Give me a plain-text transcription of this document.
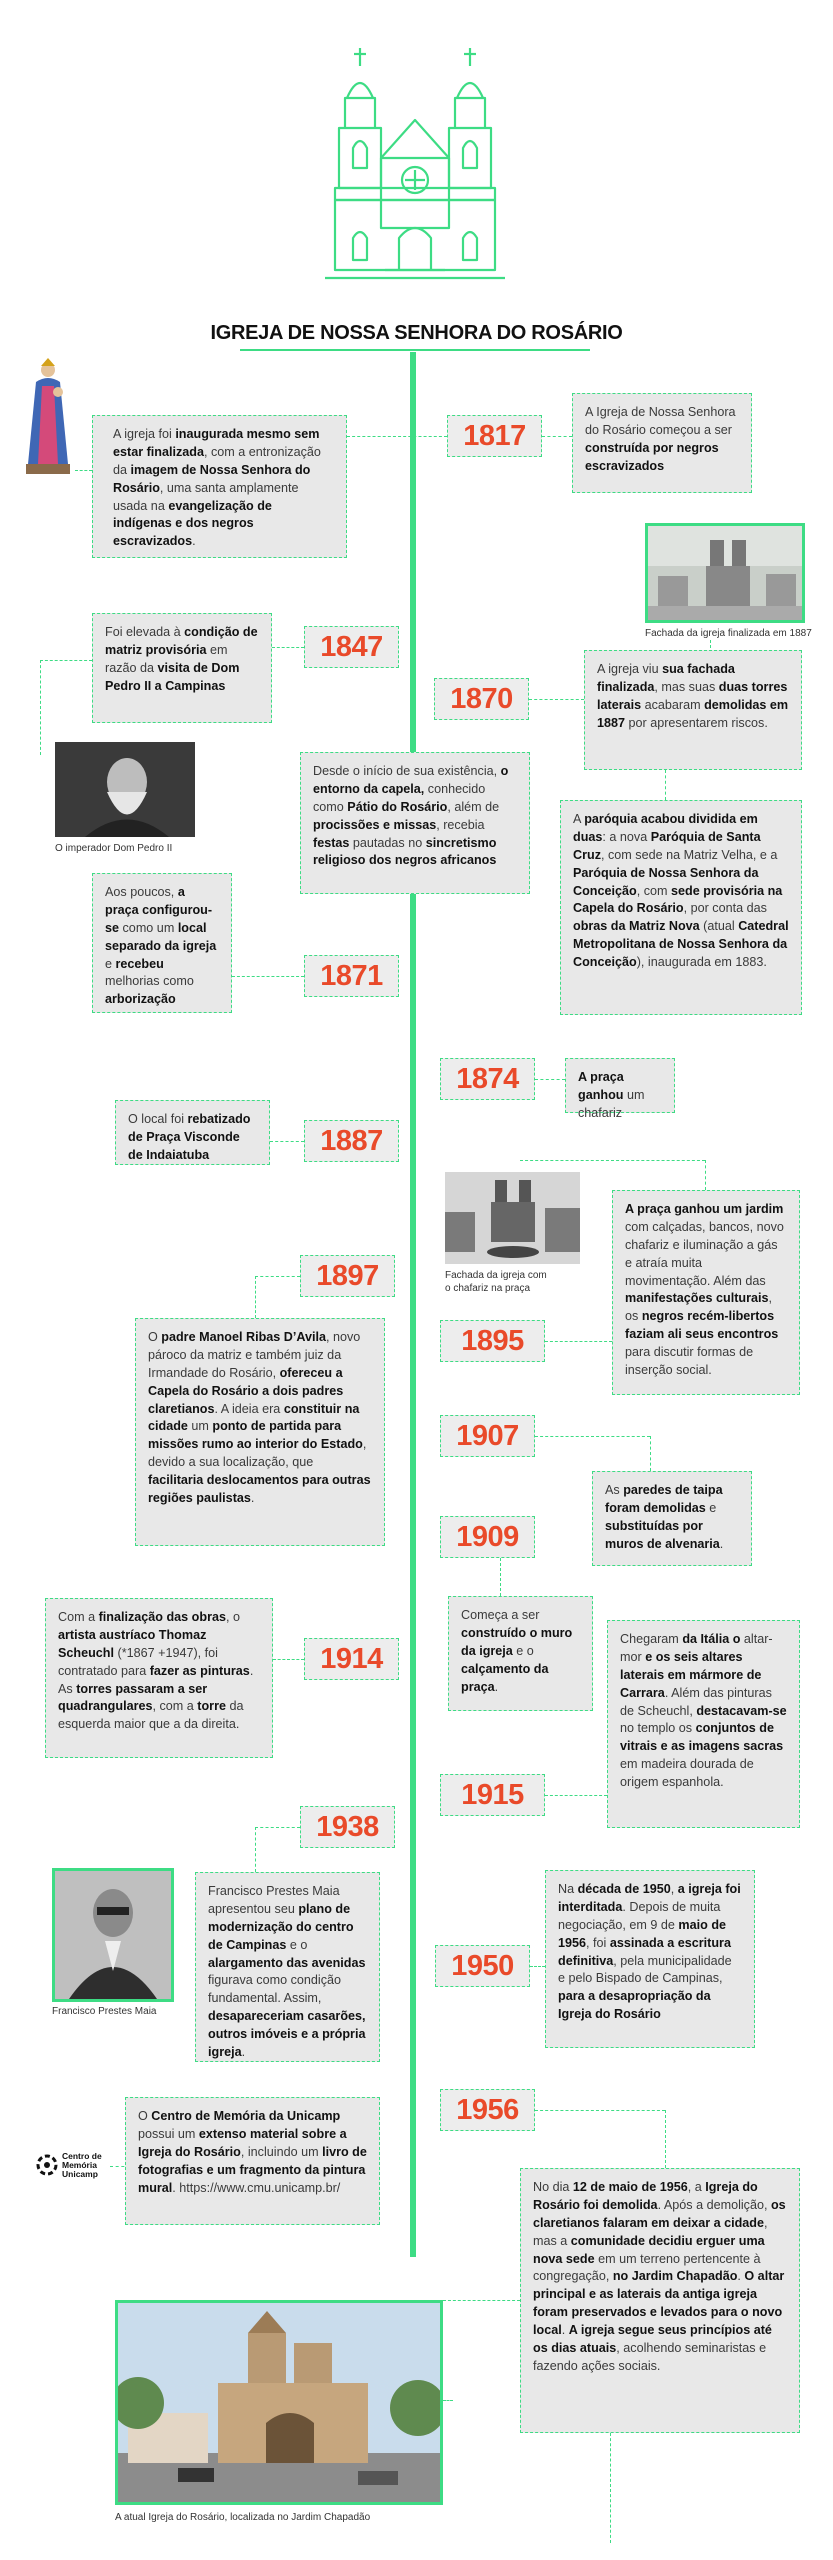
IGREJA DE NOSSA SENHORA DO ROSÁRIO
A igreja foi inaugurada mesmo sem estar finalizada, com a entronização da imagem de Nossa Senhora do Rosário, uma santa amplamente usada na evangelização de indígenas e dos negros escravizados.
1817
A Igreja de Nossa Senhora do Rosário começou a ser construída por negros escravizados
Fachada da igreja finalizada em 1887
Foi elevada à condição de matriz provisória em razão da visita de Dom Pedro II a Campinas
1847
1870
A igreja viu sua fachada finalizada, mas suas duas torres laterais acabaram demolidas em 1887 por apresentarem riscos.
O imperador Dom Pedro II
Desde o início de sua existência, o entorno da capela, conhecido como Pátio do Rosário, além de procissões e missas, recebia festas pautadas no sincretismo religioso dos negros africanos
A paróquia acabou dividida em duas: a nova Paróquia de Santa Cruz, com sede na Matriz Velha, e a Paróquia de Nossa Senhora da Conceição, com sede provisória na Capela do Rosário, por conta das obras da Matriz Nova (atual Catedral Metropolitana de Nossa Senhora da Conceição), inaugurada em 1883.
Aos poucos, a praça configurou-se como um local separado da igreja e recebeu melhorias como arborização
1871
1874	A praça ganhou um chafariz
O local foi rebatizado de Praça Visconde de Indaiatuba	1887
Fachada da igreja com
o chafariz na praça
A praça ganhou um jardim com calçadas, bancos, novo chafariz e iluminação a gás e atraía muita movimentação. Além das manifestações culturais, os negros recém-libertos faziam ali seus encontros para discutir formas de inserção social.
1895
1897
O padre Manoel Ribas D’Avila, novo pároco da matriz e também juiz da Irmandade do Rosário, ofereceu a Capela do Rosário a dois padres claretianos. A ideia era constituir na cidade um ponto de partida para missões rumo ao interior do Estado, devido a sua localização, que facilitaria deslocamentos para outras regiões paulistas.
1907
As paredes de taipa foram demolidas e substituídas por muros de alvenaria.
1909
Começa a ser construído o muro da igreja e o calçamento da praça.
Com a finalização das obras, o artista austríaco Thomaz Scheuchl (*1867 +1947), foi contratado para fazer as pinturas. As torres passaram a ser quadrangulares, com a torre da esquerda maior que a da direita.
1914
Chegaram da Itália o altar-mor e os seis altares laterais em mármore de Carrara. Além das pinturas de Scheuchl, destacavam-se no templo os conjuntos de vitrais e as imagens sacras em madeira dourada de origem espanhola.
1915
1938
Francisco Prestes Maia apresentou seu plano de modernização do centro de Campinas e o alargamento das avenidas figurava como condição fundamental. Assim, desapareceriam casarões, outros imóveis e a própria igreja.
Francisco Prestes Maia
Na década de 1950, a igreja foi interditada. Depois de muita negociação, em 9 de maio de 1956, foi assinada a escritura definitiva, pela municipalidade e pelo Bispado de Campinas, para a desapropriação da Igreja do Rosário
1950
Centro de
Memória
Unicamp
O Centro de Memória da Unicamp possui um extenso material sobre a Igreja do Rosário, incluindo um livro de fotografias e um fragmento da pintura mural. https://www.cmu.unicamp.br/
1956
No dia 12 de maio de 1956, a Igreja do Rosário foi demolida. Após a demolição, os claretianos falaram em deixar a cidade, mas a comunidade decidiu erguer uma nova sede em um terreno pertencente à congregação, no Jardim Chapadão. O altar principal e as laterais da antiga igreja foram preservados e levados para o novo local. A igreja segue seus princípios até os dias atuais, acolhendo seminaristas e fazendo ações sociais.
A atual Igreja do Rosário, localizada no Jardim Chapadão
